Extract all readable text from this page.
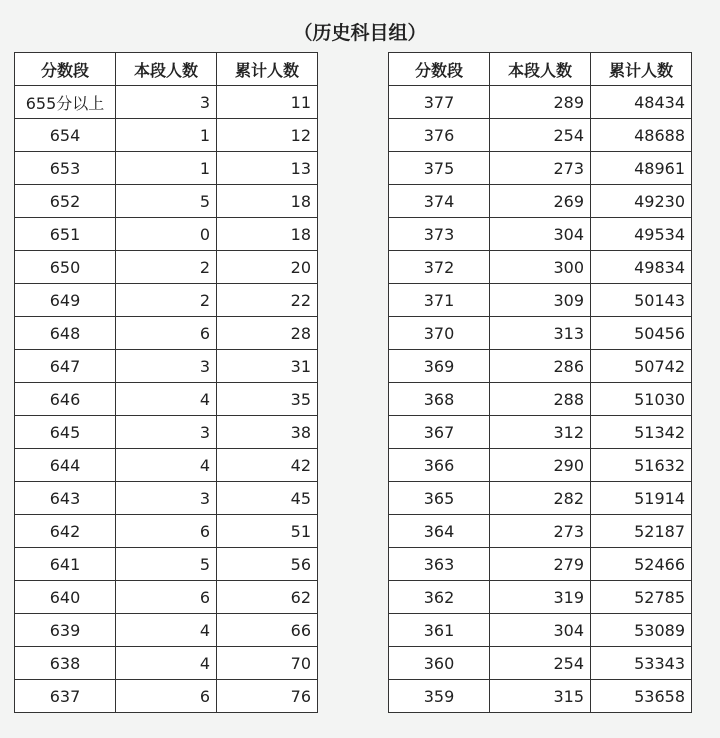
（历史科目组）
分数段	本段人数	累计人数
655分以上	3	11
654	1	12
653	1	13
652	5	18
651	0	18
650	2	20
649	2	22
648	6	28
647	3	31
646	4	35
645	3	38
644	4	42
643	3	45
642	6	51
641	5	56
640	6	62
639	4	66
638	4	70
637	6	76
分数段	本段人数	累计人数
377	289	48434
376	254	48688
375	273	48961
374	269	49230
373	304	49534
372	300	49834
371	309	50143
370	313	50456
369	286	50742
368	288	51030
367	312	51342
366	290	51632
365	282	51914
364	273	52187
363	279	52466
362	319	52785
361	304	53089
360	254	53343
359	315	53658
